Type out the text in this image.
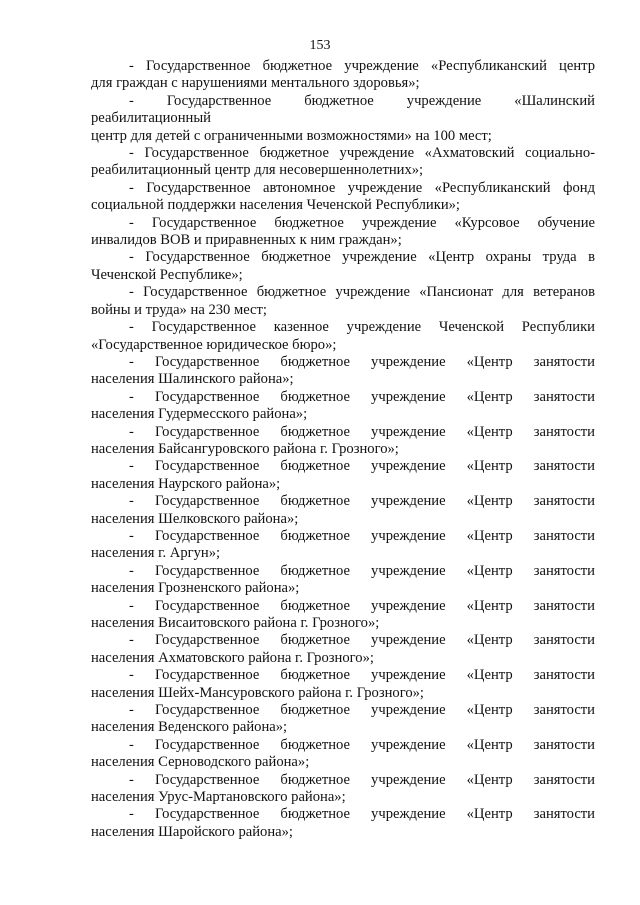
153

- Государственное бюджетное учреждение «Республиканский центр
для граждан с нарушениями ментального здоровья»;

- Государственное бюджетное учреждение «Шалинский реабилитационный
центр для детей с ограниченными возможностями» на 100 мест;

- Государственное бюджетное учреждение «Ахматовский социально-
реабилитационный центр для несовершеннолетних»;

- Государственное автономное учреждение «Республиканский фонд
социальной поддержки населения Чеченской Республики»;

- Государственное бюджетное учреждение «Курсовое обучение
инвалидов ВОВ и приравненных к ним граждан»;

- Государственное бюджетное учреждение «Центр охраны труда в
Чеченской Республике»;

- Государственное бюджетное учреждение «Пансионат для ветеранов
войны и труда» на 230 мест;

- Государственное казенное учреждение Чеченской Республики
«Государственное юридическое бюро»;

- Государственное бюджетное учреждение «Центр занятости
населения Шалинского района»;

- Государственное бюджетное учреждение «Центр занятости
населения Гудермесского района»;

- Государственное бюджетное учреждение «Центр занятости
населения Байсангуровского района г. Грозного»;

- Государственное бюджетное учреждение «Центр занятости
населения Наурского района»;

- Государственное бюджетное учреждение «Центр занятости
населения Шелковского района»;

- Государственное бюджетное учреждение «Центр занятости
населения г. Аргун»;

- Государственное бюджетное учреждение «Центр занятости
населения Грозненского района»;

- Государственное бюджетное учреждение «Центр занятости
населения Висаитовского района г. Грозного»;

- Государственное бюджетное учреждение «Центр занятости
населения Ахматовского района г. Грозного»;

- Государственное бюджетное учреждение «Центр занятости
населения Шейх-Мансуровского района г. Грозного»;

- Государственное бюджетное учреждение «Центр занятости
населения Веденского района»;

- Государственное бюджетное учреждение «Центр занятости
населения Серноводского района»;

- Государственное бюджетное учреждение «Центр занятости
населения Урус-Мартановского района»;

- Государственное бюджетное учреждение «Центр занятости
населения Шаройского района»;
